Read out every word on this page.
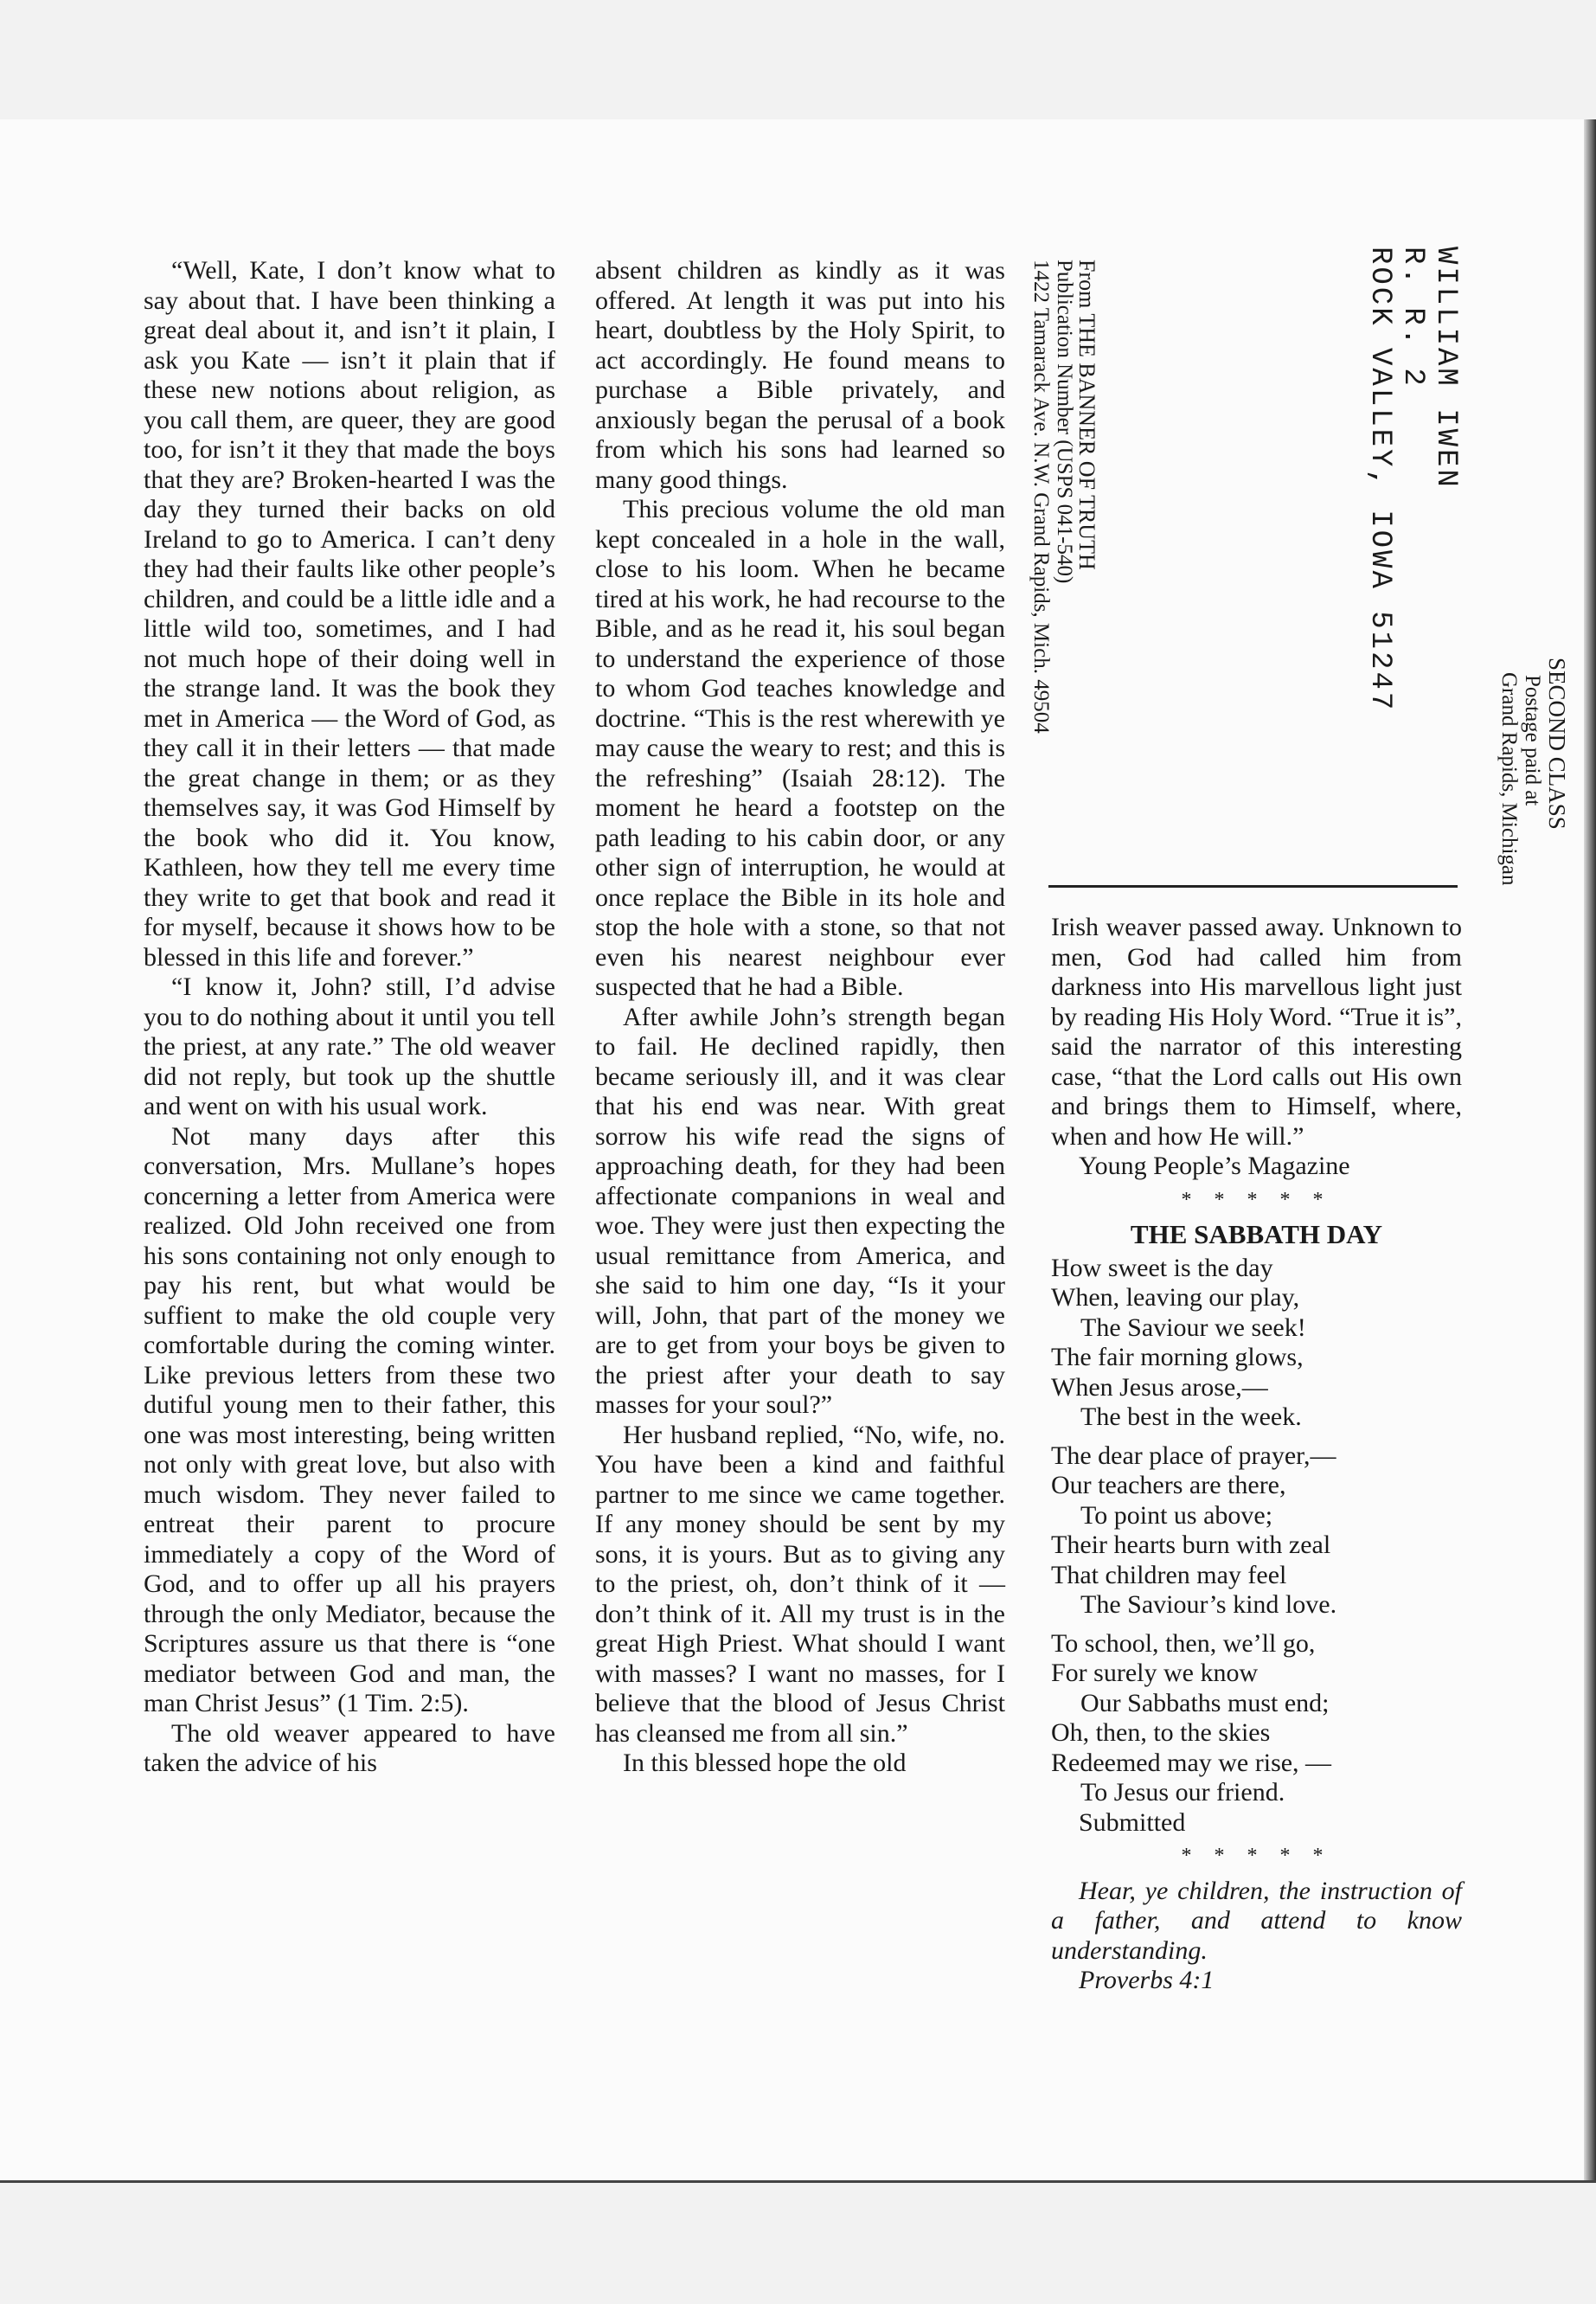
“Well, Kate, I don’t know what to say about that. I have been thinking a great deal about it, and isn’t it plain, I ask you Kate — isn’t it plain that if these new notions about religion, as you call them, are queer, they are good too, for isn’t it they that made the boys that they are? Broken-hearted I was the day they turned their backs on old Ireland to go to America. I can’t deny they had their faults like other people’s children, and could be a little idle and a little wild too, sometimes, and I had not much hope of their doing well in the strange land. It was the book they met in America — the Word of God, as they call it in their letters — that made the great change in them; or as they themselves say, it was God Himself by the book who did it. You know, Kathleen, how they tell me every time they write to get that book and read it for myself, because it shows how to be blessed in this life and forever.”

“I know it, John? still, I’d advise you to do nothing about it until you tell the priest, at any rate.” The old weaver did not reply, but took up the shuttle and went on with his usual work.

Not many days after this conversation, Mrs. Mullane’s hopes concerning a letter from America were realized. Old John received one from his sons containing not only enough to pay his rent, but what would be suffient to make the old couple very comfortable during the coming winter. Like previous letters from these two dutiful young men to their father, this one was most interesting, being written not only with great love, but also with much wisdom. They never failed to entreat their parent to procure immediately a copy of the Word of God, and to offer up all his prayers through the only Mediator, because the Scriptures assure us that there is “one mediator between God and man, the man Christ Jesus” (1 Tim. 2:5).

The old weaver appeared to have taken the advice of his

absent children as kindly as it was offered. At length it was put into his heart, doubtless by the Holy Spirit, to act accordingly. He found means to purchase a Bible privately, and anxiously began the perusal of a book from which his sons had learned so many good things.

This precious volume the old man kept concealed in a hole in the wall, close to his loom. When he became tired at his work, he had recourse to the Bible, and as he read it, his soul began to understand the experience of those to whom God teaches knowledge and doctrine. “This is the rest wherewith ye may cause the weary to rest; and this is the refreshing” (Isaiah 28:12). The moment he heard a footstep on the path leading to his cabin door, or any other sign of interruption, he would at once replace the Bible in its hole and stop the hole with a stone, so that not even his nearest neighbour ever suspected that he had a Bible.

After awhile John’s strength began to fail. He declined rapidly, then became seriously ill, and it was clear that his end was near. With great sorrow his wife read the signs of approaching death, for they had been affectionate companions in weal and woe. They were just then expecting the usual remittance from America, and she said to him one day, “Is it your will, John, that part of the money we are to get from your boys be given to the priest after your death to say masses for your soul?”

Her husband replied, “No, wife, no. You have been a kind and faithful partner to me since we came together. If any money should be sent by my sons, it is yours. But as to giving any to the priest, oh, don’t think of it — don’t think of it. All my trust is in the great High Priest. What should I want with masses? I want no masses, for I believe that the blood of Jesus Christ has cleansed me from all sin.”

In this blessed hope the old

WILLIAM IWEN
R. R. 2
ROCK VALLEY, IOWA 51247
SECOND CLASS
Postage paid at
Grand Rapids, Michigan
From THE BANNER OF TRUTH
Publication Number (USPS 041-540)
1422 Tamarack Ave. N.W. Grand Rapids, Mich. 49504

Irish weaver passed away. Unknown to men, God had called him from darkness into His marvellous light just by reading His Holy Word. “True it is”, said the narrator of this interesting case, “that the Lord calls out His own and brings them to Himself, where, when and how He will.”

Young People’s Magazine

* * * * *
THE SABBATH DAY
How sweet is the day
When, leaving our play,
The Saviour we seek!
The fair morning glows,
When Jesus arose,—
The best in the week.
The dear place of prayer,—
Our teachers are there,
To point us above;
Their hearts burn with zeal
That children may feel
The Saviour’s kind love.
To school, then, we’ll go,
For surely we know
Our Sabbaths must end;
Oh, then, to the skies
Redeemed may we rise, —
To Jesus our friend.

Submitted

* * * * *

Hear, ye children, the instruction of a father, and attend to know understanding.

Proverbs 4:1
